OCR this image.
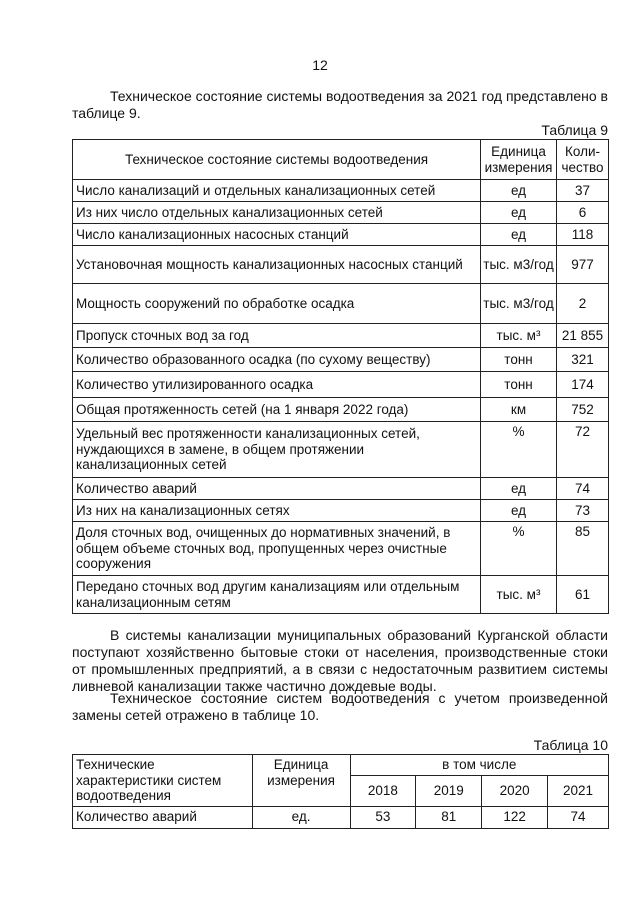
12
Техническое состояние системы водоотведения за 2021 год представлено в таблице 9.
Таблица 9
Техническое состояние системы водоотведения	Единица измерения	Коли-чество
Число канализаций и отдельных канализационных сетей	ед	37
Из них число отдельных канализационных сетей	ед	6
Число канализационных насосных станций	ед	118
Установочная мощность канализационных насосных станций	тыс. м3/год	977
Мощность сооружений по обработке осадка	тыс. м3/год	2
Пропуск сточных вод за год	тыс. м³	21 855
Количество образованного осадка (по сухому веществу)	тонн	321
Количество утилизированного осадка	тонн	174
Общая протяженность сетей (на 1 января 2022 года)	км	752
Удельный вес протяженности канализационных сетей, нуждающихся в замене, в общем протяжении канализационных сетей	%	72
Количество аварий	ед	74
Из них на канализационных сетях	ед	73
Доля сточных вод, очищенных до нормативных значений, в общем объеме сточных вод, пропущенных через очистные сооружения	%	85
Передано сточных вод другим канализациям или отдельным канализационным сетям	тыс. м³	61
В системы канализации муниципальных образований Курганской области поступают хозяйственно бытовые стоки от населения, производственные стоки от промышленных предприятий, а в связи с недостаточным развитием системы ливневой канализации также частично дождевые воды.
Техническое состояние систем водоотведения с учетом произведенной замены сетей отражено в таблице 10.
Таблица 10
Технические характеристики систем водоотведения	Единица измерения	в том числе			
		2018	2019	2020	2021
Количество аварий	ед.	53	81	122	74
